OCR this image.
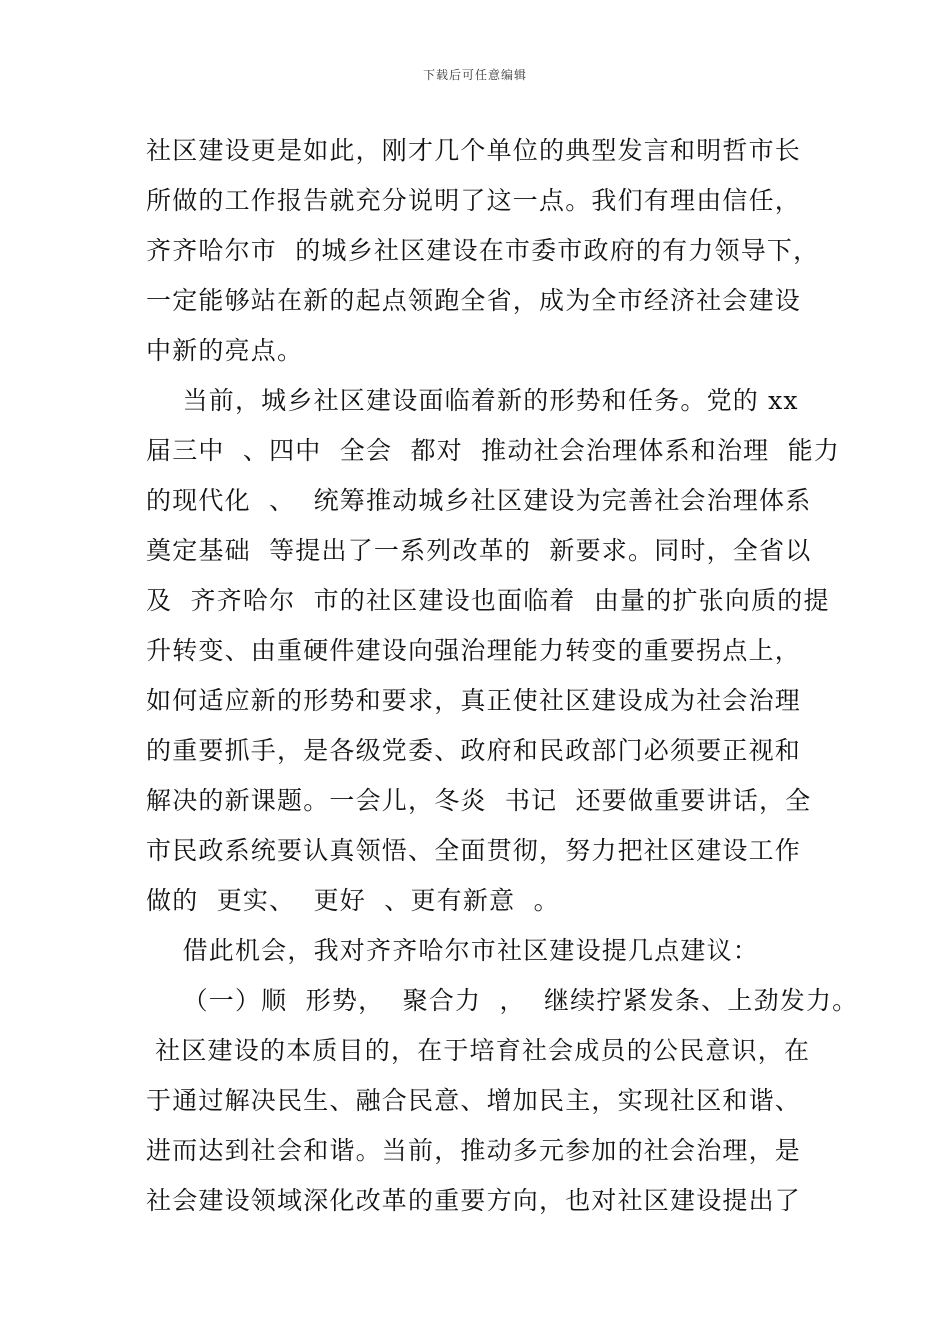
下载后可任意编辑
社区建设更是如此，刚才几个单位的典型发言和明哲市长
所做的工作报告就充分说明了这一点。我们有理由信任，
齐齐哈尔市  的城乡社区建设在市委市政府的有力领导下，
一定能够站在新的起点领跑全省，成为全市经济社会建设
中新的亮点。
当前，城乡社区建设面临着新的形势和任务。党的 xx
届三中  、四中  全会  都对  推动社会治理体系和治理  能力
的现代化  、  统筹推动城乡社区建设为完善社会治理体系
奠定基础  等提出了一系列改革的  新要求。同时，全省以
及  齐齐哈尔  市的社区建设也面临着  由量的扩张向质的提
升转变、由重硬件建设向强治理能力转变的重要拐点上，
如何适应新的形势和要求，真正使社区建设成为社会治理
的重要抓手，是各级党委、政府和民政部门必须要正视和
解决的新课题。一会儿，冬炎  书记  还要做重要讲话，全
市民政系统要认真领悟、全面贯彻，努力把社区建设工作
做的  更实、  更好  、更有新意  。
借此机会，我对齐齐哈尔市社区建设提几点建议：
（一）顺  形势，  聚合力  ，  继续拧紧发条、上劲发力。
社区建设的本质目的，在于培育社会成员的公民意识，在
于通过解决民生、融合民意、增加民主，实现社区和谐、
进而达到社会和谐。当前，推动多元参加的社会治理，是
社会建设领域深化改革的重要方向，也对社区建设提出了
